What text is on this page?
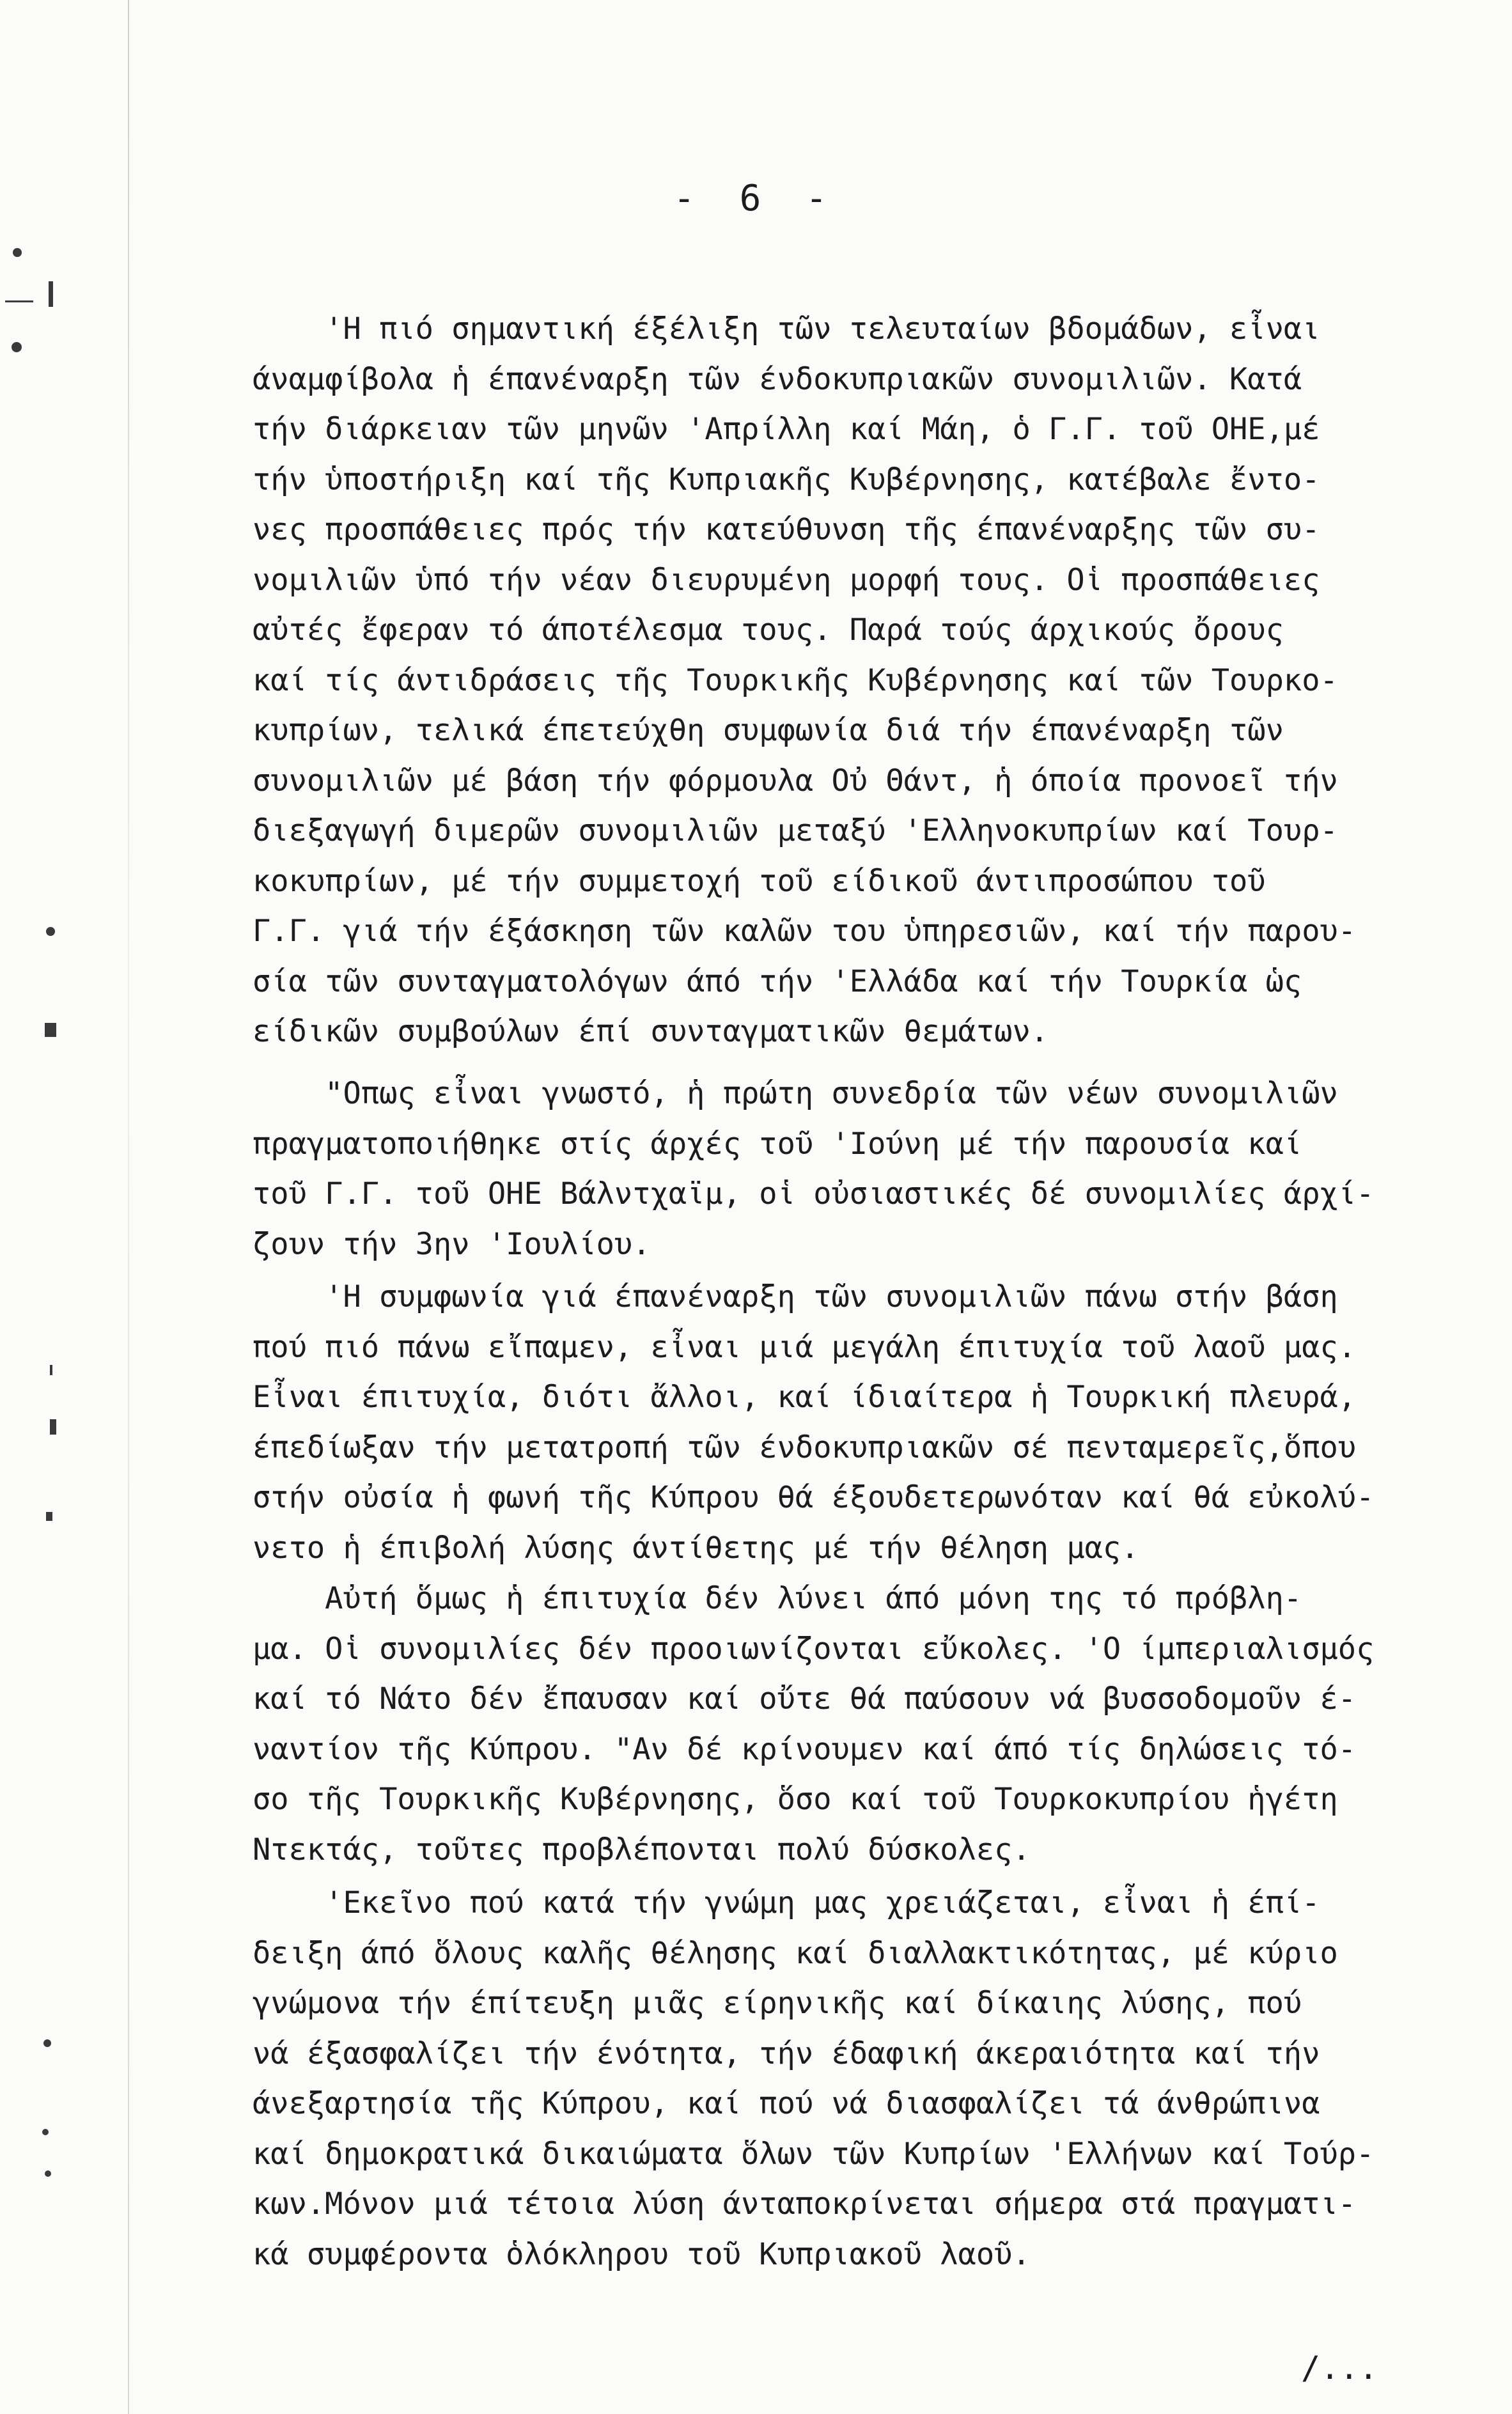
- 6 -
'Η πιό σημαντική έξέλιξη τῶν τελευταίων βδομάδων, εἶναι
άναμφίβολα ἡ έπανέναρξη τῶν ένδοκυπριακῶν συνομιλιῶν. Κατά
τήν διάρκειαν τῶν μηνῶν 'Απρίλλη καί Μάη, ὁ Γ.Γ. τοῦ ΟΗΕ,μέ
τήν ὑποστήριξη καί τῆς Κυπριακῆς Κυβέρνησης, κατέβαλε ἔντο-
νες προσπάθειες πρός τήν κατεύθυνση τῆς έπανέναρξης τῶν συ-
νομιλιῶν ὑπό τήν νέαν διευρυμένη μορφή τους. Οἱ προσπάθειες
αὐτές ἔφεραν τό άποτέλεσμα τους. Παρά τούς άρχικούς ὄρους
καί τίς άντιδράσεις τῆς Τουρκικῆς Κυβέρνησης καί τῶν Τουρκο-
κυπρίων, τελικά έπετεύχθη συμφωνία διά τήν έπανέναρξη τῶν
συνομιλιῶν μέ βάση τήν φόρμουλα Οὐ Θάντ, ἡ όποία προνοεῖ τήν
διεξαγωγή διμερῶν συνομιλιῶν μεταξύ 'Ελληνοκυπρίων καί Τουρ-
κοκυπρίων, μέ τήν συμμετοχή τοῦ είδικοῦ άντιπροσώπου τοῦ
Γ.Γ. γιά τήν έξάσκηση τῶν καλῶν του ὑπηρεσιῶν, καί τήν παρου-
σία τῶν συνταγματολόγων άπό τήν 'Ελλάδα καί τήν Τουρκία ὡς
είδικῶν συμβούλων έπί συνταγματικῶν θεμάτων.
"Οπως εἶναι γνωστό, ἡ πρώτη συνεδρία τῶν νέων συνομιλιῶν
πραγματοποιήθηκε στίς άρχές τοῦ 'Ιούνη μέ τήν παρουσία καί
τοῦ Γ.Γ. τοῦ ΟΗΕ Βάλντχαϊμ, οἱ οὐσιαστικές δέ συνομιλίες άρχί-
ζουν τήν 3ην 'Ιουλίου.
'Η συμφωνία γιά έπανέναρξη τῶν συνομιλιῶν πάνω στήν βάση
πού πιό πάνω εἴπαμεν, εἶναι μιά μεγάλη έπιτυχία τοῦ λαοῦ μας.
Εἶναι έπιτυχία, διότι ἄλλοι, καί ίδιαίτερα ἡ Τουρκική πλευρά,
έπεδίωξαν τήν μετατροπή τῶν ένδοκυπριακῶν σέ πενταμερεῖς,ὅπου
στήν οὐσία ἡ φωνή τῆς Κύπρου θά έξουδετερωνόταν καί θά εὐκολύ-
νετο ἡ έπιβολή λύσης άντίθετης μέ τήν θέληση μας.
Αὐτή ὅμως ἡ έπιτυχία δέν λύνει άπό μόνη της τό πρόβλη-
μα. Οἱ συνομιλίες δέν προοιωνίζονται εὔκολες. 'Ο ίμπεριαλισμός
καί τό Νάτο δέν ἔπαυσαν καί οὔτε θά παύσουν νά βυσσοδομοῦν έ-
ναντίον τῆς Κύπρου. "Αν δέ κρίνουμεν καί άπό τίς δηλώσεις τό-
σο τῆς Τουρκικῆς Κυβέρνησης, ὅσο καί τοῦ Τουρκοκυπρίου ἡγέτη
Ντεκτάς, τοῦτες προβλέπονται πολύ δύσκολες.
'Εκεῖνο πού κατά τήν γνώμη μας χρειάζεται, εἶναι ἡ έπί-
δειξη άπό ὅλους καλῆς θέλησης καί διαλλακτικότητας, μέ κύριο
γνώμονα τήν έπίτευξη μιᾶς είρηνικῆς καί δίκαιης λύσης, πού
νά έξασφαλίζει τήν ένότητα, τήν έδαφική άκεραιότητα καί τήν
άνεξαρτησία τῆς Κύπρου, καί πού νά διασφαλίζει τά άνθρώπινα
καί δημοκρατικά δικαιώματα ὅλων τῶν Κυπρίων 'Ελλήνων καί Τούρ-
κων.Μόνον μιά τέτοια λύση άνταποκρίνεται σήμερα στά πραγματι-
κά συμφέροντα ὁλόκληρου τοῦ Κυπριακοῦ λαοῦ.
/...
